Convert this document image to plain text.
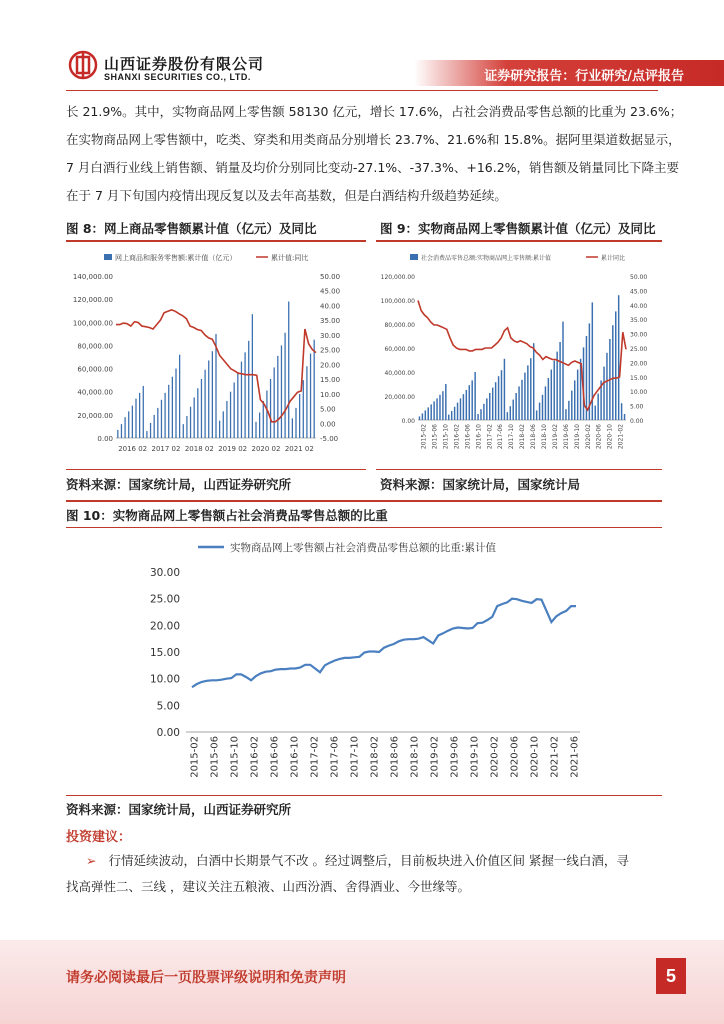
山西证券股份有限公司
SHANXI SECURITIES CO., LTD.	证券研究报告：行业研究/点评报告

长 21.9%。其中，实物商品网上零售额 58130 亿元，增长 17.6%，占社会消费品零售总额的比重为 23.6%；

在实物商品网上零售额中，吃类、穿类和用类商品分别增长 23.7%、21.6%和 15.8%。据阿里渠道数据显示，

7 月白酒行业线上销售额、销量及均价分别同比变动-27.1%、-37.3%、+16.2%，销售额及销量同比下降主要

在于 7 月下旬国内疫情出现反复以及去年高基数，但是白酒结构升级趋势延续。

图 8：网上商品零售额累计值（亿元）及同比	图 9：实物商品网上零售额累计值（亿元）及同比
网上商品和服务零售额:累计值（亿元）	累计值:同比
0.00
20,000.00
40,000.00
60,000.00
80,000.00
100,000.00
120,000.00
140,000.00
-5.00
0.00
5.00
10.00
15.00
20.00
25.00
30.00
35.00
40.00
45.00
50.00
2016 02 2017 02 2018 02 2019 02 2020 02 2021 02
社会消费品零售总额:实物商品网上零售额:累计值	累计同比
0.00
20,000.00
40,000.00
60,000.00
80,000.00
100,000.00
120,000.00
0.00
5.00
10.00
15.00
20.00
25.00
30.00
35.00
40.00
45.00
50.00
2015-02 2015-06 2015-10 2016-02 2016-06 2016-10 2017-02 2017-06 2017-10 2018-02 2018-06 2018-10 2019-02 2019-06 2019-10 2020-02 2020-06 2020-10 2021-02
资料来源：国家统计局，山西证券研究所	资料来源：国家统计局，国家统计局
图 10：实物商品网上零售额占社会消费品零售总额的比重
实物商品网上零售额占社会消费品零售总额的比重:累计值
0.00
5.00
10.00
15.00
20.00
25.00
30.00
2015-02 2015-06 2015-10 2016-02 2016-06 2016-10 2017-02 2017-06 2017-10 2018-02 2018-06 2018-10 2019-02 2019-06 2019-10 2020-02 2020-06 2020-10 2021-02 2021-06
资料来源：国家统计局，山西证券研究所
投资建议：
➢ 行情延续波动，白酒中长期景气不改 。经过调整后，目前板块进入价值区间 紧握一线白酒，寻
找高弹性二、三线 ，建议关注五粮液、山西汾酒、舍得酒业、今世缘等。
请务必阅读最后一页股票评级说明和免责声明	5
